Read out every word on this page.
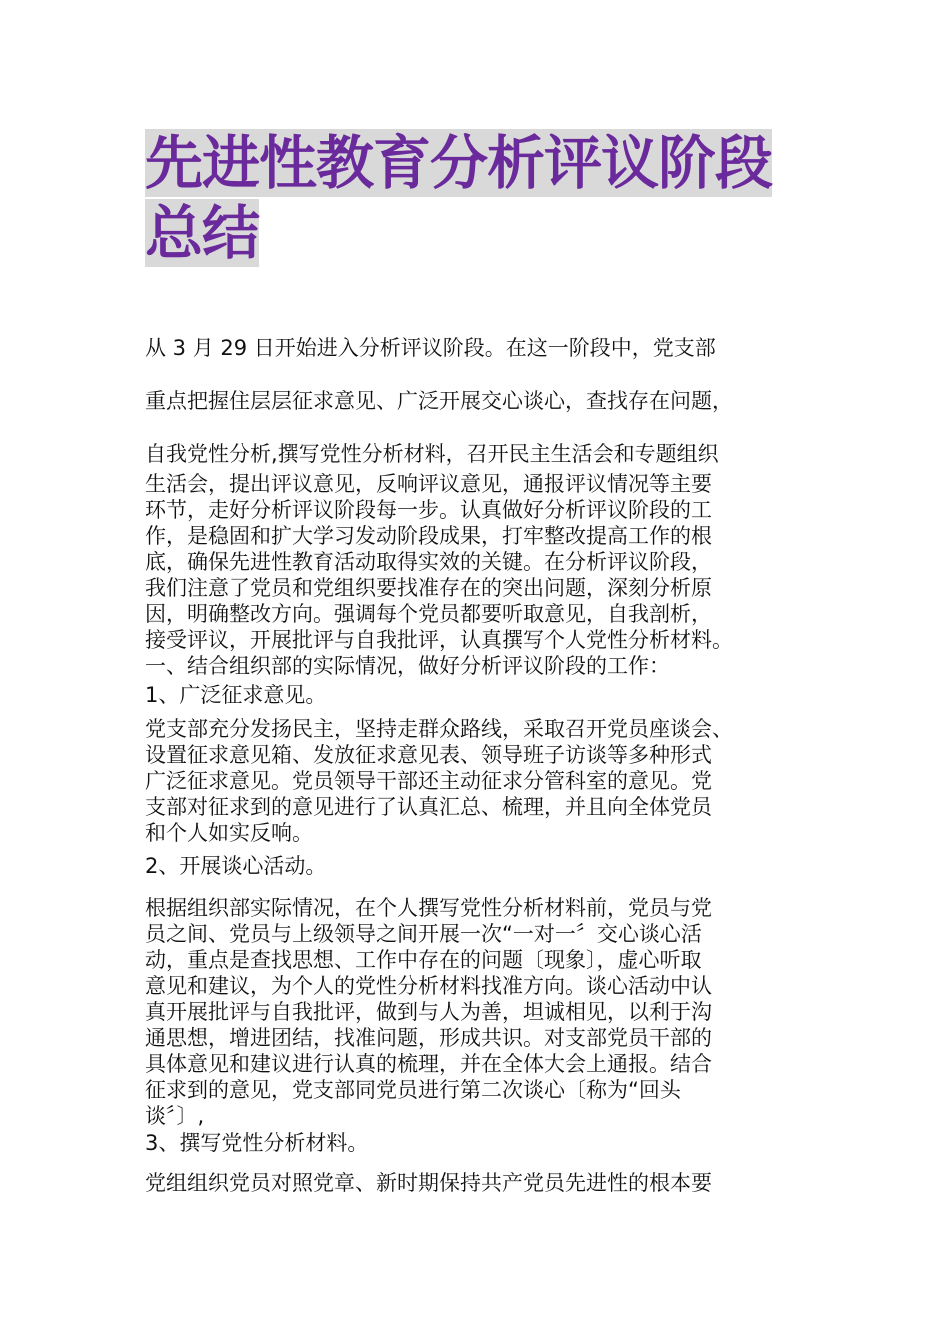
先进性教育分析评议阶段
总结
从 3 月 29 日开始进入分析评议阶段。在这一阶段中，党支部
重点把握住层层征求意见、广泛开展交心谈心，查找存在问题，
自我党性分析,撰写党性分析材料，召开民主生活会和专题组织
生活会，提出评议意见，反响评议意见，通报评议情况等主要
环节，走好分析评议阶段每一步。认真做好分析评议阶段的工
作，是稳固和扩大学习发动阶段成果，打牢整改提高工作的根
底，确保先进性教育活动取得实效的关键。在分析评议阶段，
我们注意了党员和党组织要找准存在的突出问题，深刻分析原
因，明确整改方向。强调每个党员都要听取意见，自我剖析，
接受评议，开展批评与自我批评，认真撰写个人党性分析材料。
一、结合组织部的实际情况，做好分析评议阶段的工作：
1、广泛征求意见。
党支部充分发扬民主，坚持走群众路线，采取召开党员座谈会、
设置征求意见箱、发放征求意见表、领导班子访谈等多种形式
广泛征求意见。党员领导干部还主动征求分管科室的意见。党
支部对征求到的意见进行了认真汇总、梳理，并且向全体党员
和个人如实反响。
2、开展谈心活动。
根据组织部实际情况，在个人撰写党性分析材料前，党员与党
员之间、党员与上级领导之间开展一次“一对一〞交心谈心活
动，重点是查找思想、工作中存在的问题〔现象〕，虚心听取
意见和建议，为个人的党性分析材料找准方向。谈心活动中认
真开展批评与自我批评，做到与人为善，坦诚相见，以利于沟
通思想，增进团结，找准问题，形成共识。对支部党员干部的
具体意见和建议进行认真的梳理，并在全体大会上通报。结合
征求到的意见，党支部同党员进行第二次谈心〔称为“回头
谈〞〕,
3、撰写党性分析材料。
党组组织党员对照党章、新时期保持共产党员先进性的根本要
